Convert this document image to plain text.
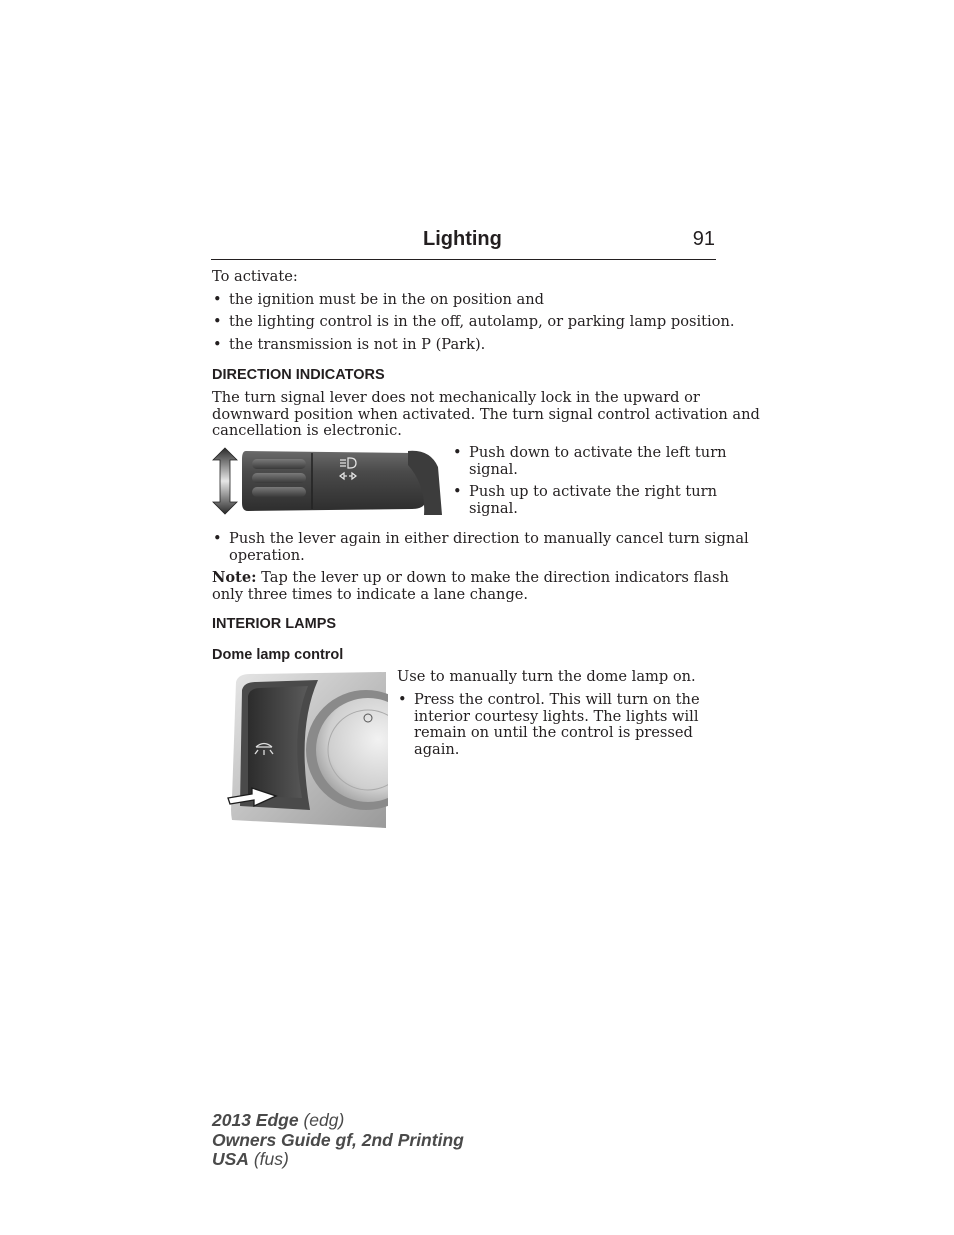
Lighting	91
To activate:
• the ignition must be in the on position and
• the lighting control is in the off, autolamp, or parking lamp position.
• the transmission is not in P (Park).
DIRECTION INDICATORS
The turn signal lever does not mechanically lock in the upward or
downward position when activated. The turn signal control activation and
cancellation is electronic.
• Push down to activate the left turn
signal.
• Push up to activate the right turn
signal.
• Push the lever again in either direction to manually cancel turn signal
operation.
Note: Tap the lever up or down to make the direction indicators flash
only three times to indicate a lane change.
INTERIOR LAMPS
Dome lamp control
Use to manually turn the dome lamp on.
• Press the control. This will turn on the
interior courtesy lights. The lights will
remain on until the control is pressed
again.
2013 Edge (edg)
Owners Guide gf, 2nd Printing
USA (fus)
